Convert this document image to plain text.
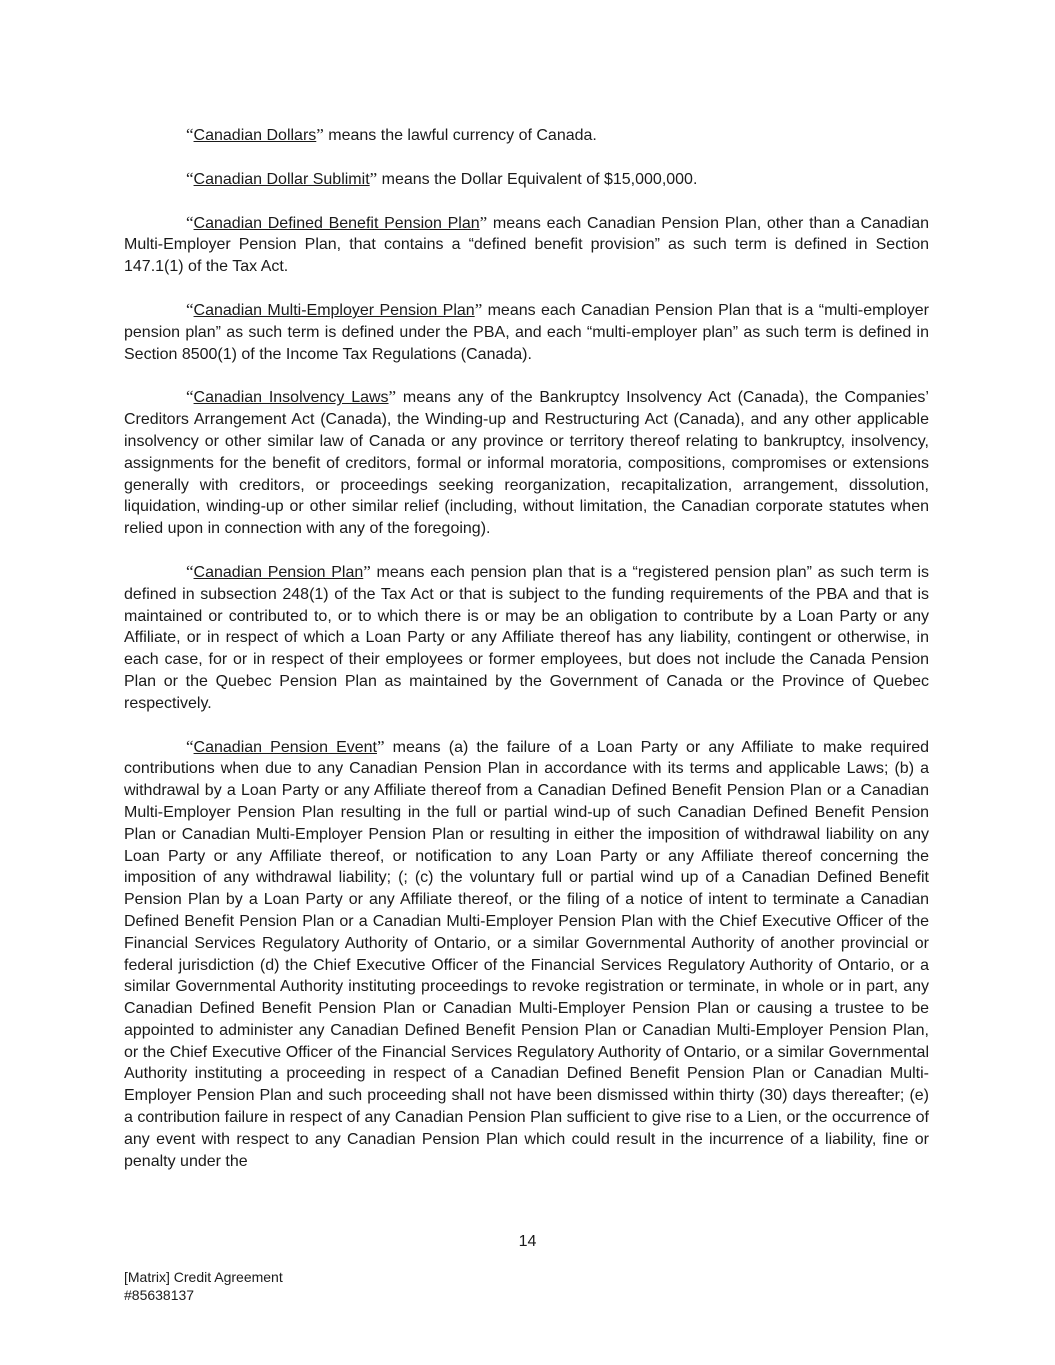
“Canadian Dollars” means the lawful currency of Canada.

“Canadian Dollar Sublimit” means the Dollar Equivalent of $15,000,000.

“Canadian Defined Benefit Pension Plan” means each Canadian Pension Plan, other than a Canadian Multi-Employer Pension Plan, that contains a “defined benefit provision” as such term is defined in Section 147.1(1) of the Tax Act.

“Canadian Multi-Employer Pension Plan” means each Canadian Pension Plan that is a “multi-employer pension plan” as such term is defined under the PBA, and each “multi-employer plan” as such term is defined in Section 8500(1) of the Income Tax Regulations (Canada).

“Canadian Insolvency Laws” means any of the Bankruptcy Insolvency Act (Canada), the Companies’ Creditors Arrangement Act (Canada), the Winding-up and Restructuring Act (Canada), and any other applicable insolvency or other similar law of Canada or any province or territory thereof relating to bankruptcy, insolvency, assignments for the benefit of creditors, formal or informal moratoria, compositions, compromises or extensions generally with creditors, or proceedings seeking reorganization, recapitalization, arrangement, dissolution, liquidation, winding-up or other similar relief (including, without limitation, the Canadian corporate statutes when relied upon in connection with any of the foregoing).

“Canadian Pension Plan” means each pension plan that is a “registered pension plan” as such term is defined in subsection 248(1) of the Tax Act or that is subject to the funding requirements of the PBA and that is maintained or contributed to, or to which there is or may be an obligation to contribute by a Loan Party or any Affiliate, or in respect of which a Loan Party or any Affiliate thereof has any liability, contingent or otherwise, in each case, for or in respect of their employees or former employees, but does not include the Canada Pension Plan or the Quebec Pension Plan as maintained by the Government of Canada or the Province of Quebec respectively.

“Canadian Pension Event” means (a) the failure of a Loan Party or any Affiliate to make required contributions when due to any Canadian Pension Plan in accordance with its terms and applicable Laws; (b) a withdrawal by a Loan Party or any Affiliate thereof from a Canadian Defined Benefit Pension Plan or a Canadian Multi-Employer Pension Plan resulting in the full or partial wind-up of such Canadian Defined Benefit Pension Plan or Canadian Multi-Employer Pension Plan or resulting in either the imposition of withdrawal liability on any Loan Party or any Affiliate thereof, or notification to any Loan Party or any Affiliate thereof concerning the imposition of any withdrawal liability; (; (c) the voluntary full or partial wind up of a Canadian Defined Benefit Pension Plan by a Loan Party or any Affiliate thereof, or the filing of a notice of intent to terminate a Canadian Defined Benefit Pension Plan or a Canadian Multi-Employer Pension Plan with the Chief Executive Officer of the Financial Services Regulatory Authority of Ontario, or a similar Governmental Authority of another provincial or federal jurisdiction (d) the Chief Executive Officer of the Financial Services Regulatory Authority of Ontario, or a similar Governmental Authority instituting proceedings to revoke registration or terminate, in whole or in part, any Canadian Defined Benefit Pension Plan or Canadian Multi-Employer Pension Plan or causing a trustee to be appointed to administer any Canadian Defined Benefit Pension Plan or Canadian Multi-Employer Pension Plan, or the Chief Executive Officer of the Financial Services Regulatory Authority of Ontario, or a similar Governmental Authority instituting a proceeding in respect of a Canadian Defined Benefit Pension Plan or Canadian Multi-Employer Pension Plan and such proceeding shall not have been dismissed within thirty (30) days thereafter; (e) a contribution failure in respect of any Canadian Pension Plan sufficient to give rise to a Lien, or the occurrence of any event with respect to any Canadian Pension Plan which could result in the incurrence of a liability, fine or penalty under the

14
[Matrix] Credit Agreement
#85638137
